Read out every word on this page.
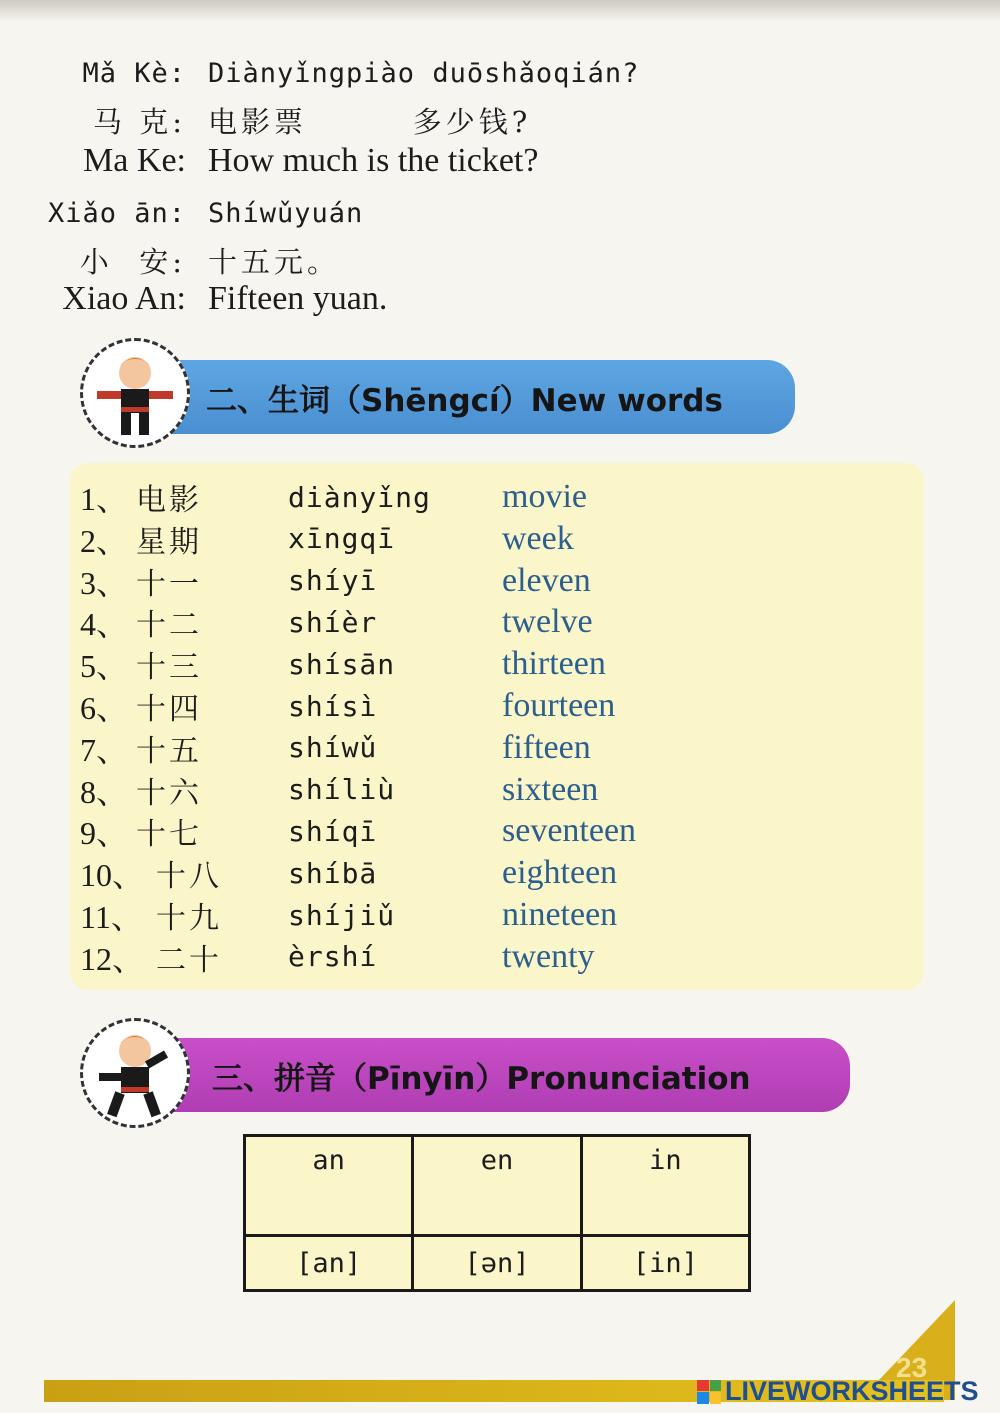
Mǎ Kè: Diànyǐngpiào duōshǎoqián?
马 克: 电影票        多少钱?
Ma Ke: How much is the ticket?
Xiǎo ān: Shíwǔyuán
小  安: 十五元。
Xiao An: Fifteen yuan.
二、生词（Shēngcí）New words
1、 电影	diànyǐng	movie
2、 星期	xīngqī	week
3、 十一	shíyī	eleven
4、 十二	shíèr	twelve
5、 十三	shísān	thirteen
6、 十四	shísì	fourteen
7、 十五	shíwǔ	fifteen
8、 十六	shíliù	sixteen
9、 十七	shíqī	seventeen
10、 十八	shíbā	eighteen
11、 十九	shíjiǔ	nineteen
12、 二十	èrshí	twenty
三、拼音（Pīnyīn）Pronunciation
an	en	in
[an]	[ən]	[in]
23
LIVEWORKSHEETS
